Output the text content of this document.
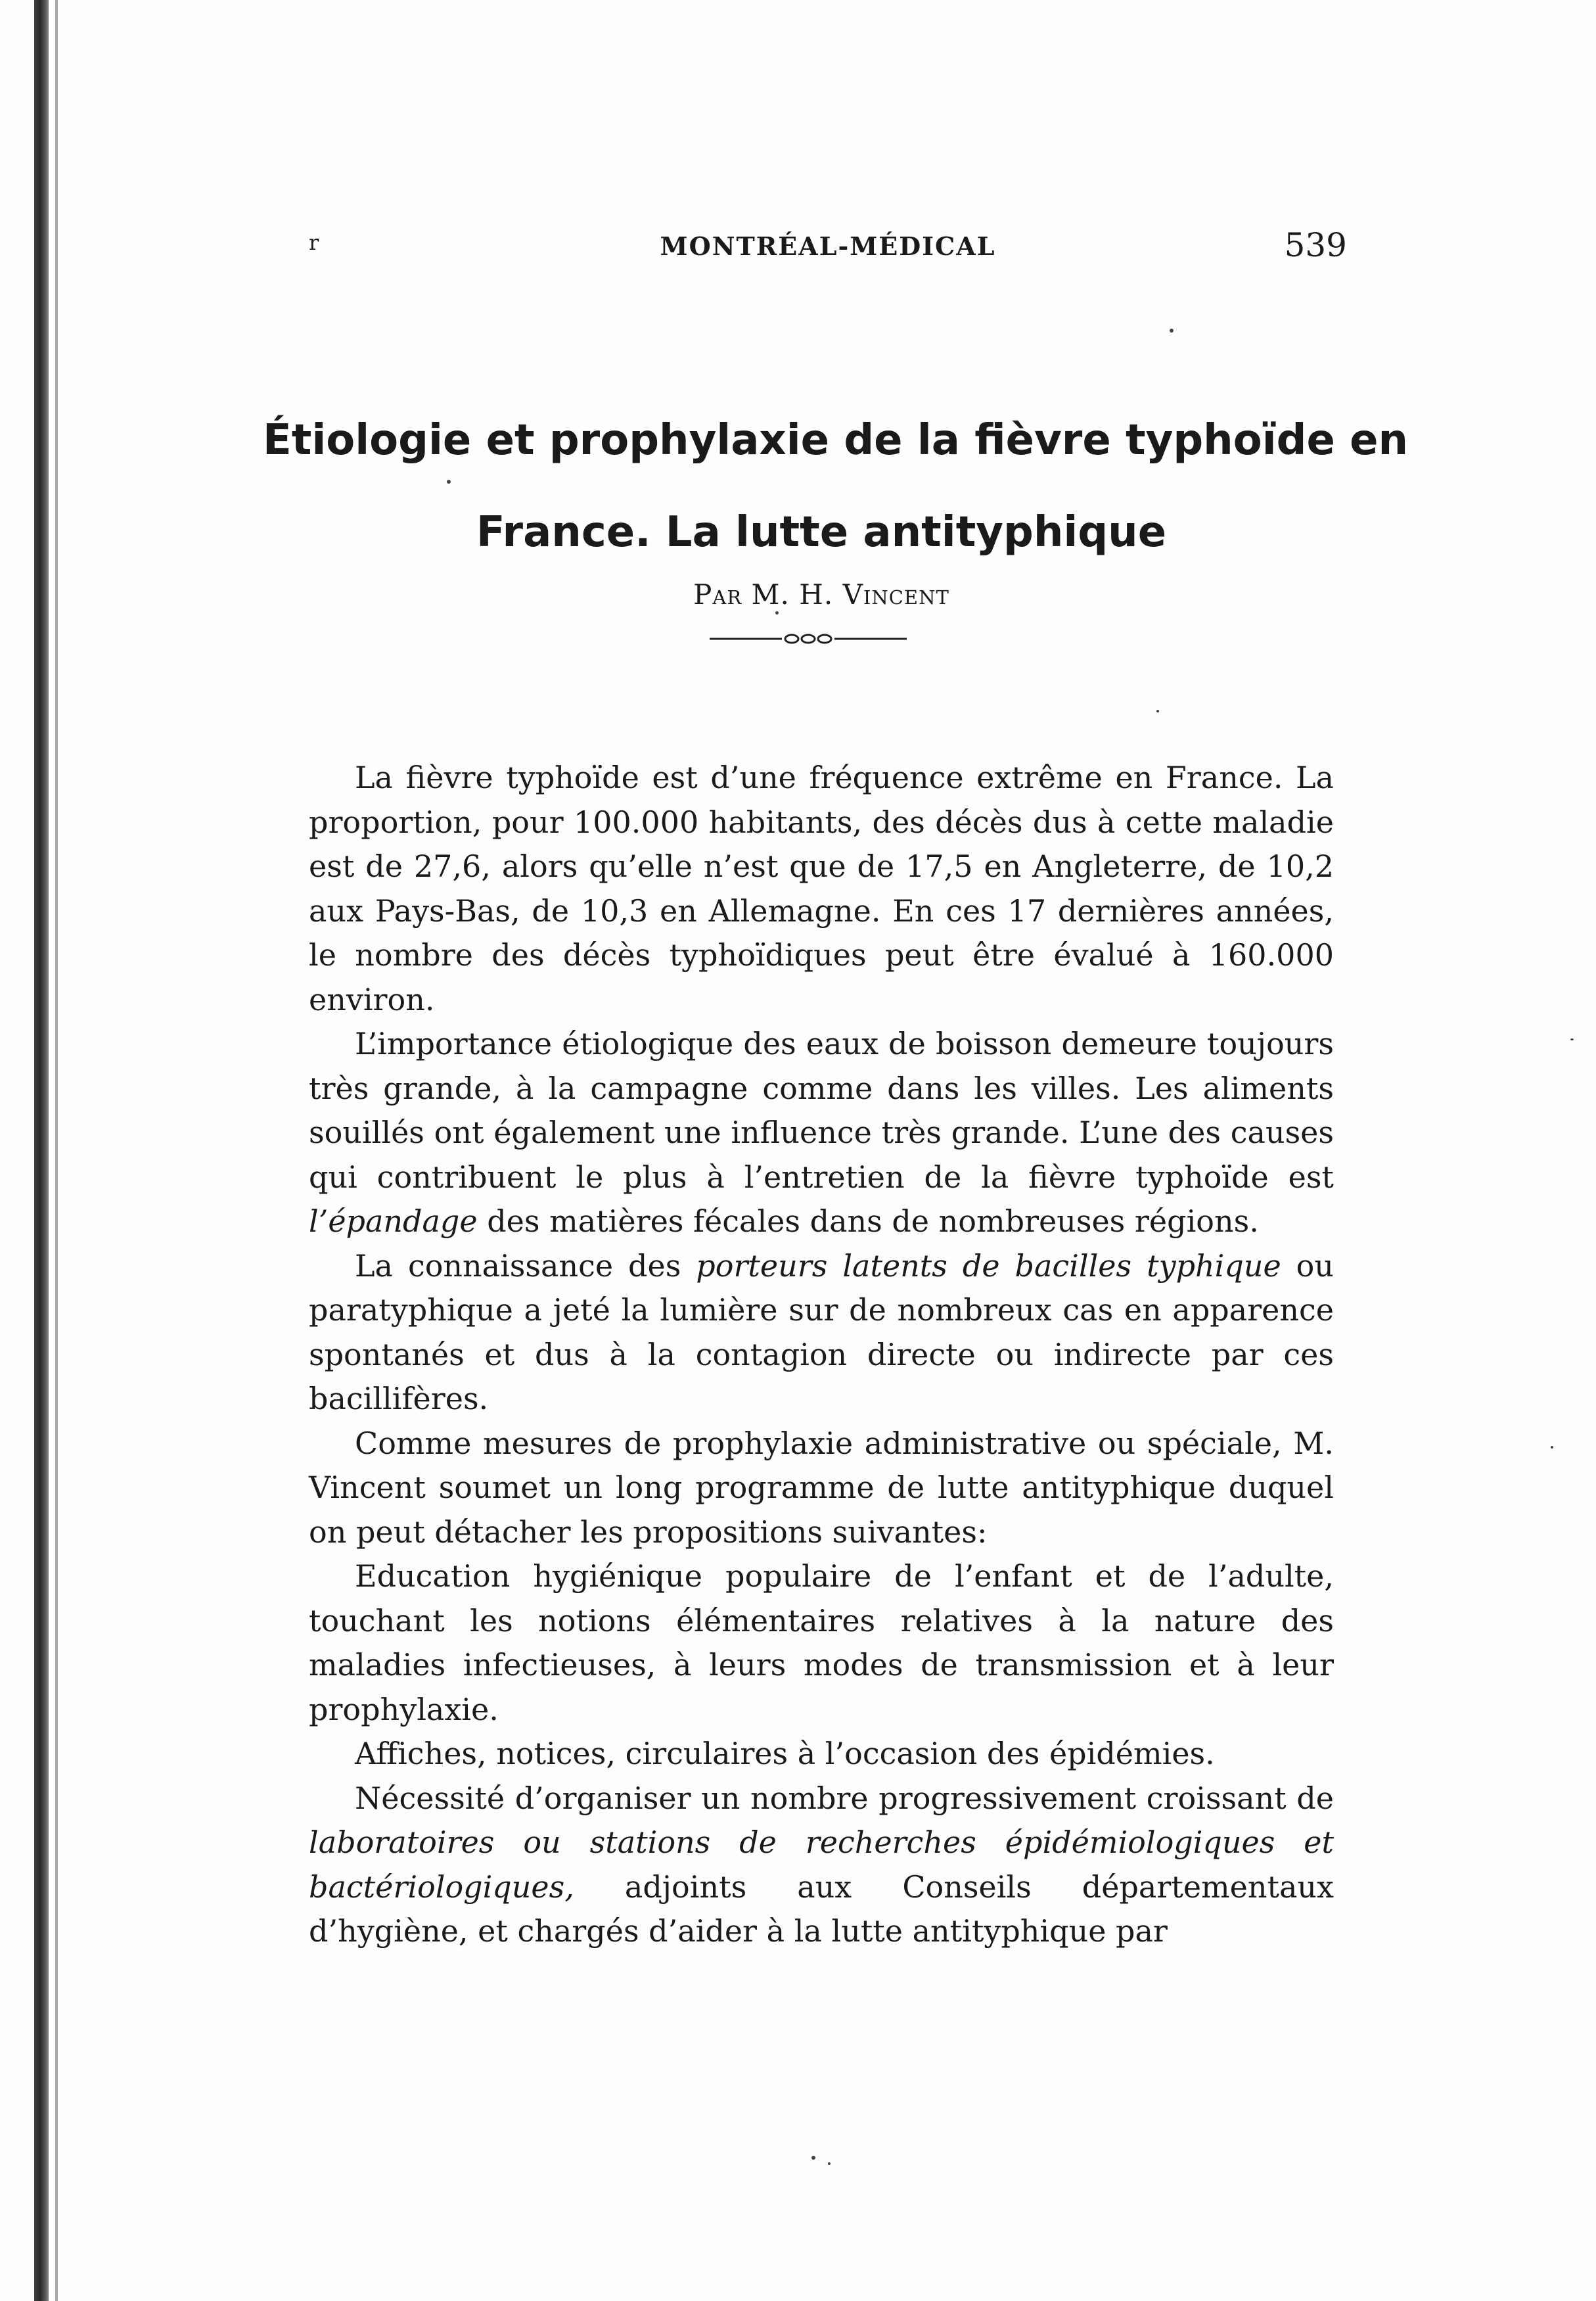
r	MONTRÉAL-MÉDICAL	539
Étiologie et prophylaxie de la fièvre typhoïde en
France. La lutte antityphique
Par M. H. Vincent

La fièvre typhoïde est d’une fréquence extrême en France. La proportion, pour 100.000 habitants, des décès dus à cette maladie est de 27,6, alors qu’elle n’est que de 17,5 en Angleterre, de 10,2 aux Pays-Bas, de 10,3 en Allemagne. En ces 17 dernières années, le nombre des décès typhoïdiques peut être évalué à 160.000 environ.

L’importance étiologique des eaux de boisson demeure toujours très grande, à la campagne comme dans les villes. Les aliments souillés ont également une influence très grande. L’une des causes qui contribuent le plus à l’entretien de la fièvre typhoïde est l’épandage des matières fécales dans de nombreuses régions.

La connaissance des porteurs latents de bacilles typhique ou paratyphique a jeté la lumière sur de nombreux cas en apparence spontanés et dus à la contagion directe ou indirecte par ces bacillifères.

Comme mesures de prophylaxie administrative ou spéciale, M. Vincent soumet un long programme de lutte antityphique duquel on peut détacher les propositions suivantes:

Education hygiénique populaire de l’enfant et de l’adulte, touchant les notions élémentaires relatives à la nature des maladies infectieuses, à leurs modes de transmission et à leur prophylaxie.

Affiches, notices, circulaires à l’occasion des épidémies.

Nécessité d’organiser un nombre progressivement croissant de laboratoires ou stations de recherches épidémiologiques et bactériologiques, adjoints aux Conseils départementaux d’hygiène, et chargés d’aider à la lutte antityphique par
